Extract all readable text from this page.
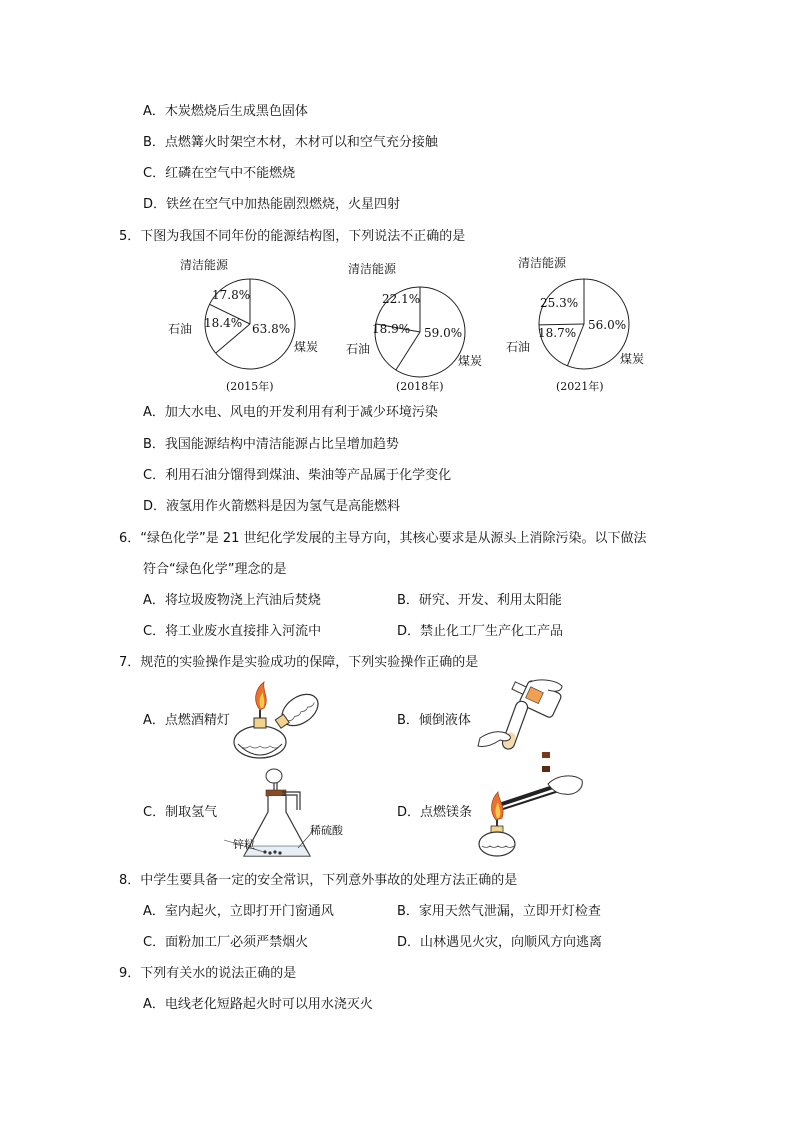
A．木炭燃烧后生成黑色固体
B．点燃篝火时架空木材，木材可以和空气充分接触
C．红磷在空气中不能燃烧
D．铁丝在空气中加热能剧烈燃烧，火星四射
5．下图为我国不同年份的能源结构图，下列说法不正确的是
清洁能源
石油
煤炭
17.8%
18.4% 63.8%
(2015年)
清洁能源
石油
煤炭
22.1%
18.9% 59.0%
(2018年)
清洁能源
石油
煤炭
25.3%
18.7%
56.0%
(2021年)
A．加大水电、风电的开发利用有利于减少环境污染
B．我国能源结构中清洁能源占比呈增加趋势
C．利用石油分馏得到煤油、柴油等产品属于化学变化
D．液氢用作火箭燃料是因为氢气是高能燃料
6．“绿色化学”是 21 世纪化学发展的主导方向，其核心要求是从源头上消除污染。以下做法
符合“绿色化学”理念的是
A．将垃圾废物浇上汽油后焚烧	B．研究、开发、利用太阳能
C．将工业废水直接排入河流中	D．禁止化工厂生产化工产品
7．规范的实验操作是实验成功的保障，下列实验操作正确的是
A．点燃酒精灯	B．倾倒液体
C．制取氢气
锌粒
稀硫酸
D．点燃镁条
8．中学生要具备一定的安全常识，下列意外事故的处理方法正确的是
A．室内起火，立即打开门窗通风	B．家用天然气泄漏，立即开灯检查
C．面粉加工厂必须严禁烟火	D．山林遇见火灾，向顺风方向逃离
9．下列有关水的说法正确的是
A．电线老化短路起火时可以用水浇灭火
